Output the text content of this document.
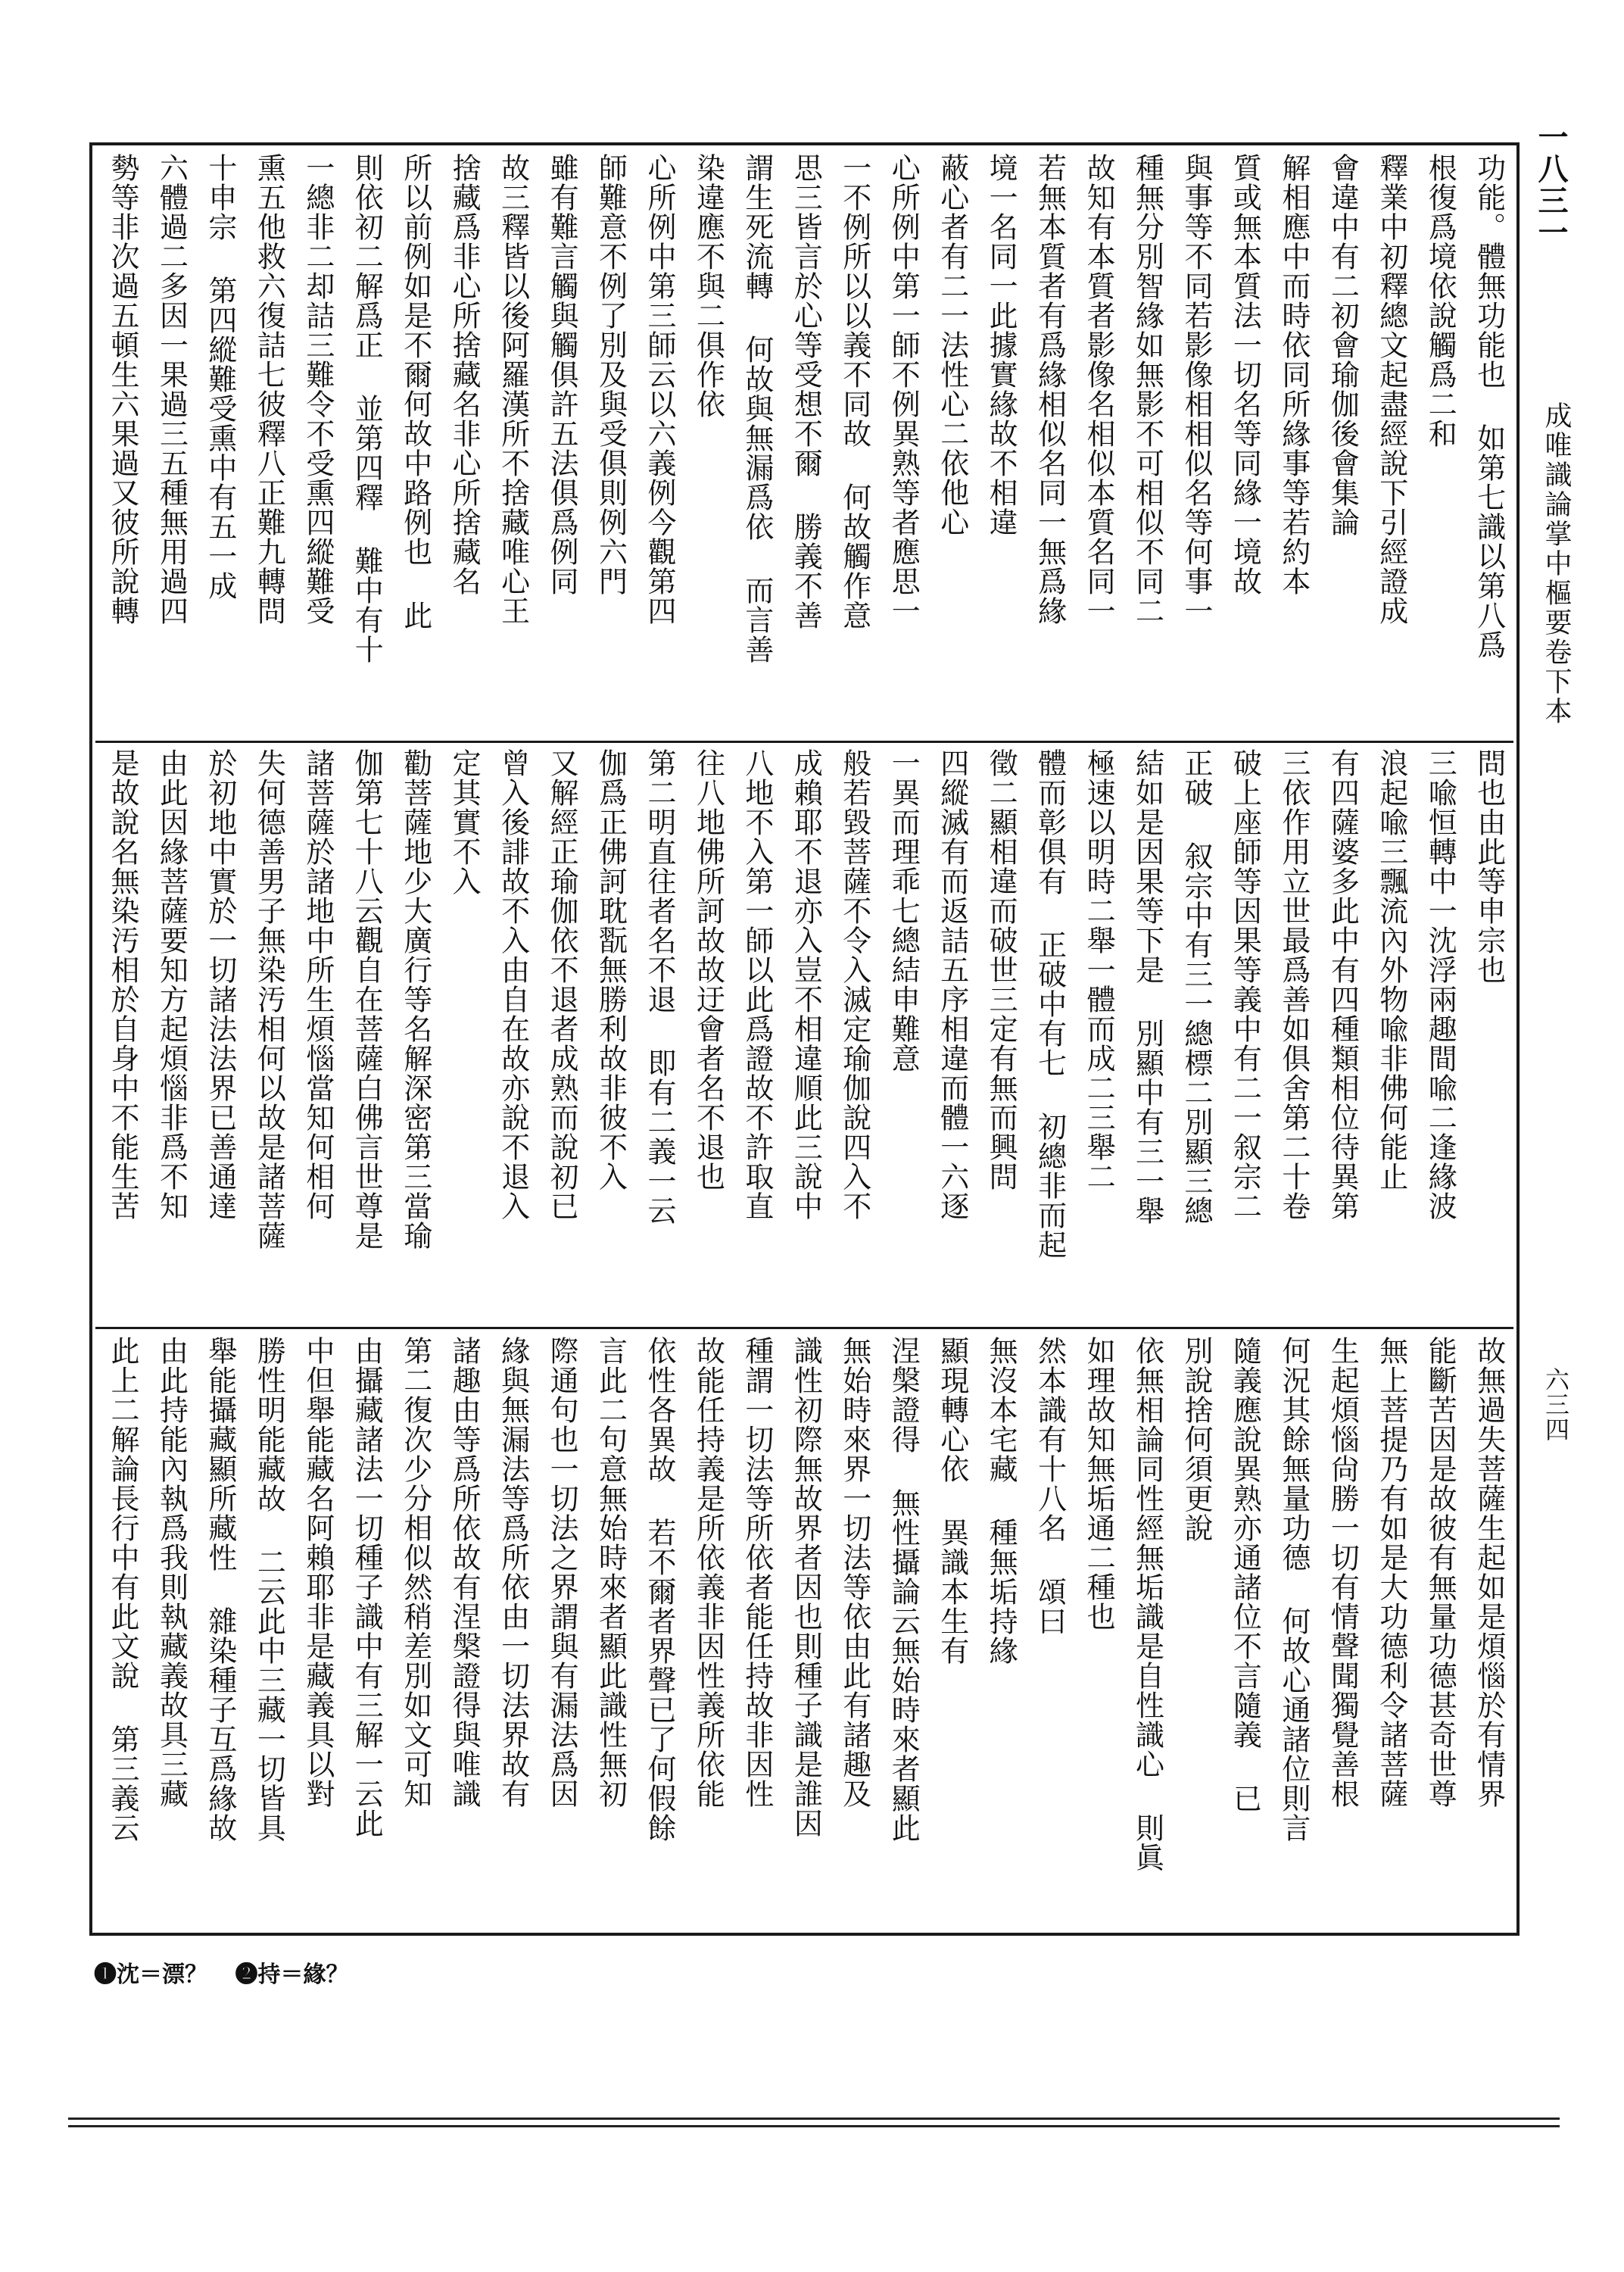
一八三一
成唯識論掌中樞要卷下本
六三四
功能。體無功能也 如第七識以第八爲
根復爲境依說觸爲二和
釋業中初釋總文起盡經說下引經證成
會違中有二初會瑜伽後會集論
解相應中而時依同所緣事等若約本
質或無本質法一切名等同緣一境故
與事等不同若影像相相似名等何事一
種無分別智緣如無影不可相似不同二
故知有本質者影像名相似本質名同一
若無本質者有爲緣相似名同一無爲緣
境一名同一此據實緣故不相違
蔽心者有二一法性心二依他心
心所例中第一師不例異熟等者應思一
一不例所以以義不同故 何故觸作意
思三皆言於心等受想不爾 勝義不善
謂生死流轉 何故與無漏爲依 而言善
染違應不與二俱作依
心所例中第三師云以六義例今觀第四
師難意不例了別及與受俱則例六門
雖有難言觸與觸俱許五法俱爲例同
故三釋皆以後阿羅漢所不捨藏唯心王
捨藏爲非心所捨藏名非心所捨藏名
所以前例如是不爾何故中路例也 此
則依初二解爲正 並第四釋 難中有十
一總非二却詰三難令不受熏四縱難受
熏五他救六復詰七彼釋八正難九轉問
十申宗 第四縱難受熏中有五一成
六體過二多因一果過三五種無用過四
勢等非次過五頓生六果過又彼所說轉
問也由此等申宗也
三喩恒轉中一沈浮兩趣間喩二逢緣波
浪起喩三飄流內外物喩非佛何能止
有四薩婆多此中有四種類相位待異第
三依作用立世最爲善如俱舍第二十卷
破上座師等因果等義中有二一叙宗二
正破 叙宗中有三一總標二別顯三總
結如是因果等下是 別顯中有三一舉
極速以明時二舉一體而成二三舉二
體而彰俱有 正破中有七 初總非而起
徵二顯相違而破世三定有無而興問
四縱滅有而返詰五序相違而體一六逐
一異而理乖七總結申難意
般若毀菩薩不令入滅定瑜伽說四入不
成賴耶不退亦入豈不相違順此三說中
八地不入第一師以此爲證故不許取直
往八地佛所訶故故迂會者名不退也
第二明直往者名不退 即有二義一云
伽爲正佛訶耽翫無勝利故非彼不入
又解經正瑜伽依不退者成熟而說初已
曾入後誹故不入由自在故亦說不退入
定其實不入
勸菩薩地少大廣行等名解深密第三當瑜
伽第七十八云觀自在菩薩白佛言世尊是
諸菩薩於諸地中所生煩惱當知何相何
失何德善男子無染汚相何以故是諸菩薩
於初地中實於一切諸法法界已善通達
由此因緣菩薩要知方起煩惱非爲不知
是故說名無染汚相於自身中不能生苦
故無過失菩薩生起如是煩惱於有情界
能斷苦因是故彼有無量功德甚奇世尊
無上菩提乃有如是大功德利令諸菩薩
生起煩惱尙勝一切有情聲聞獨覺善根
何況其餘無量功德 何故心通諸位則言
隨義應說異熟亦通諸位不言隨義 已
別說捨何須更說
依無相論同性經無垢識是自性識心 則眞
如理故知無垢通二種也
然本識有十八名 頌曰
無沒本宅藏 種無垢持緣
顯現轉心依 異識本生有
涅槃證得 無性攝論云無始時來者顯此
無始時來界一切法等依由此有諸趣及
識性初際無故界者因也則種子識是誰因
種謂一切法等所依者能任持故非因性
故能任持義是所依義非因性義所依能
依性各異故 若不爾者界聲已了何假餘
言此二句意無始時來者顯此識性無初
際通句也一切法之界謂與有漏法爲因
緣與無漏法等爲所依由一切法界故有
諸趣由等爲所依故有涅槃證得與唯識
第二復次少分相似然稍差別如文可知
由攝藏諸法一切種子識中有三解一云此
中但舉能藏名阿賴耶非是藏義具以對
勝性明能藏故 二云此中三藏一切皆具
舉能攝藏顯所藏性 雜染種子互爲緣故
由此持能內執爲我則執藏義故具三藏
此上二解論長行中有此文說 第三義云
❶沈＝漂？ ❷持＝緣？
